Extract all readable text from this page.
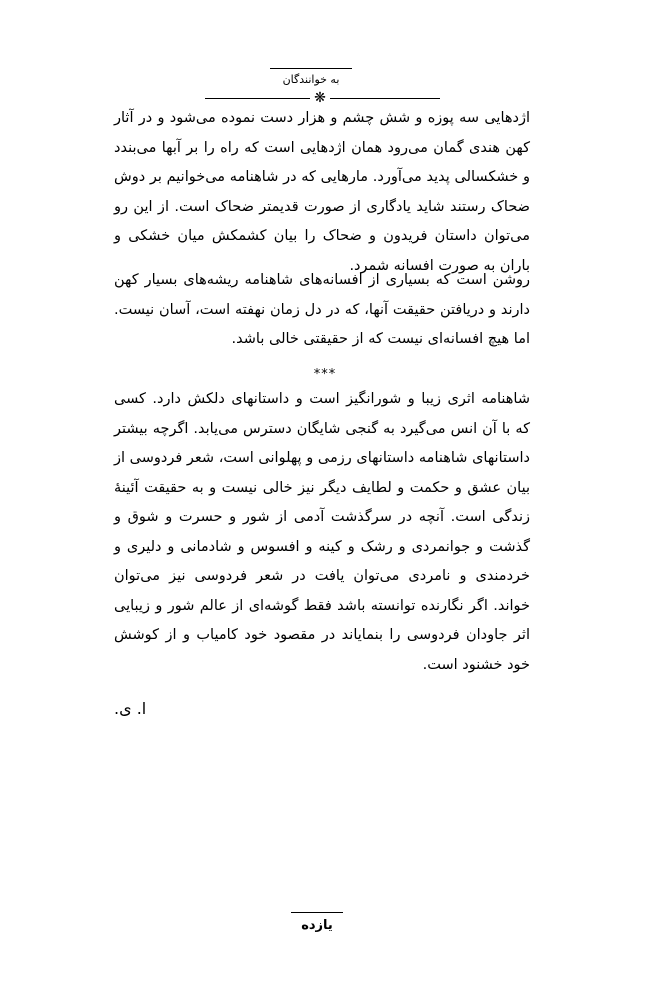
به خوانندگان
❋
اژدهایی سه پوزه و شش چشم و هزار دست نموده می‌شود و در آثار کهن هندی گمان می‌رود همان اژدهایی است که راه را بر آبها می‌بندد و خشکسالی پدید می‌آورد. مارهایی که در شاهنامه می‌خوانیم بر دوش ضحاک رستند شاید یادگاری از صورت قدیمتر ضحاک است. از این رو می‌توان داستان فریدون و ضحاک را بیان کشمکش میان خشکی و باران به صورت افسانه شمرد.
روشن است که بسیاری از افسانه‌های شاهنامه ریشه‌های بسیار کهن دارند و دریافتن حقیقت آنها، که در دل زمان نهفته است، آسان نیست. اما هیچ افسانه‌ای نیست که از حقیقتی خالی باشد.
***
شاهنامه اثری زیبا و شورانگیز است و داستانهای دلکش دارد. کسی که با آن انس می‌گیرد به گنجی شایگان دسترس می‌یابد. اگرچه بیشتر داستانهای شاهنامه داستانهای رزمی و پهلوانی است، شعر فردوسی از بیان عشق و حکمت و لطایف دیگر نیز خالی نیست و به حقیقت آئینهٔ زندگی است. آنچه در سرگذشت آدمی از شور و حسرت و شوق و گذشت و جوانمردی و رشک و کینه و افسوس و شادمانی و دلیری و خردمندی و نامردی می‌توان یافت در شعر فردوسی نیز می‌توان خواند. اگر نگارنده توانسته باشد فقط گوشه‌ای از عالم شور و زیبایی اثر جاودان فردوسی را بنمایاند در مقصود خود کامیاب و از کوشش خود خشنود است.
ا. ی.
یازده
